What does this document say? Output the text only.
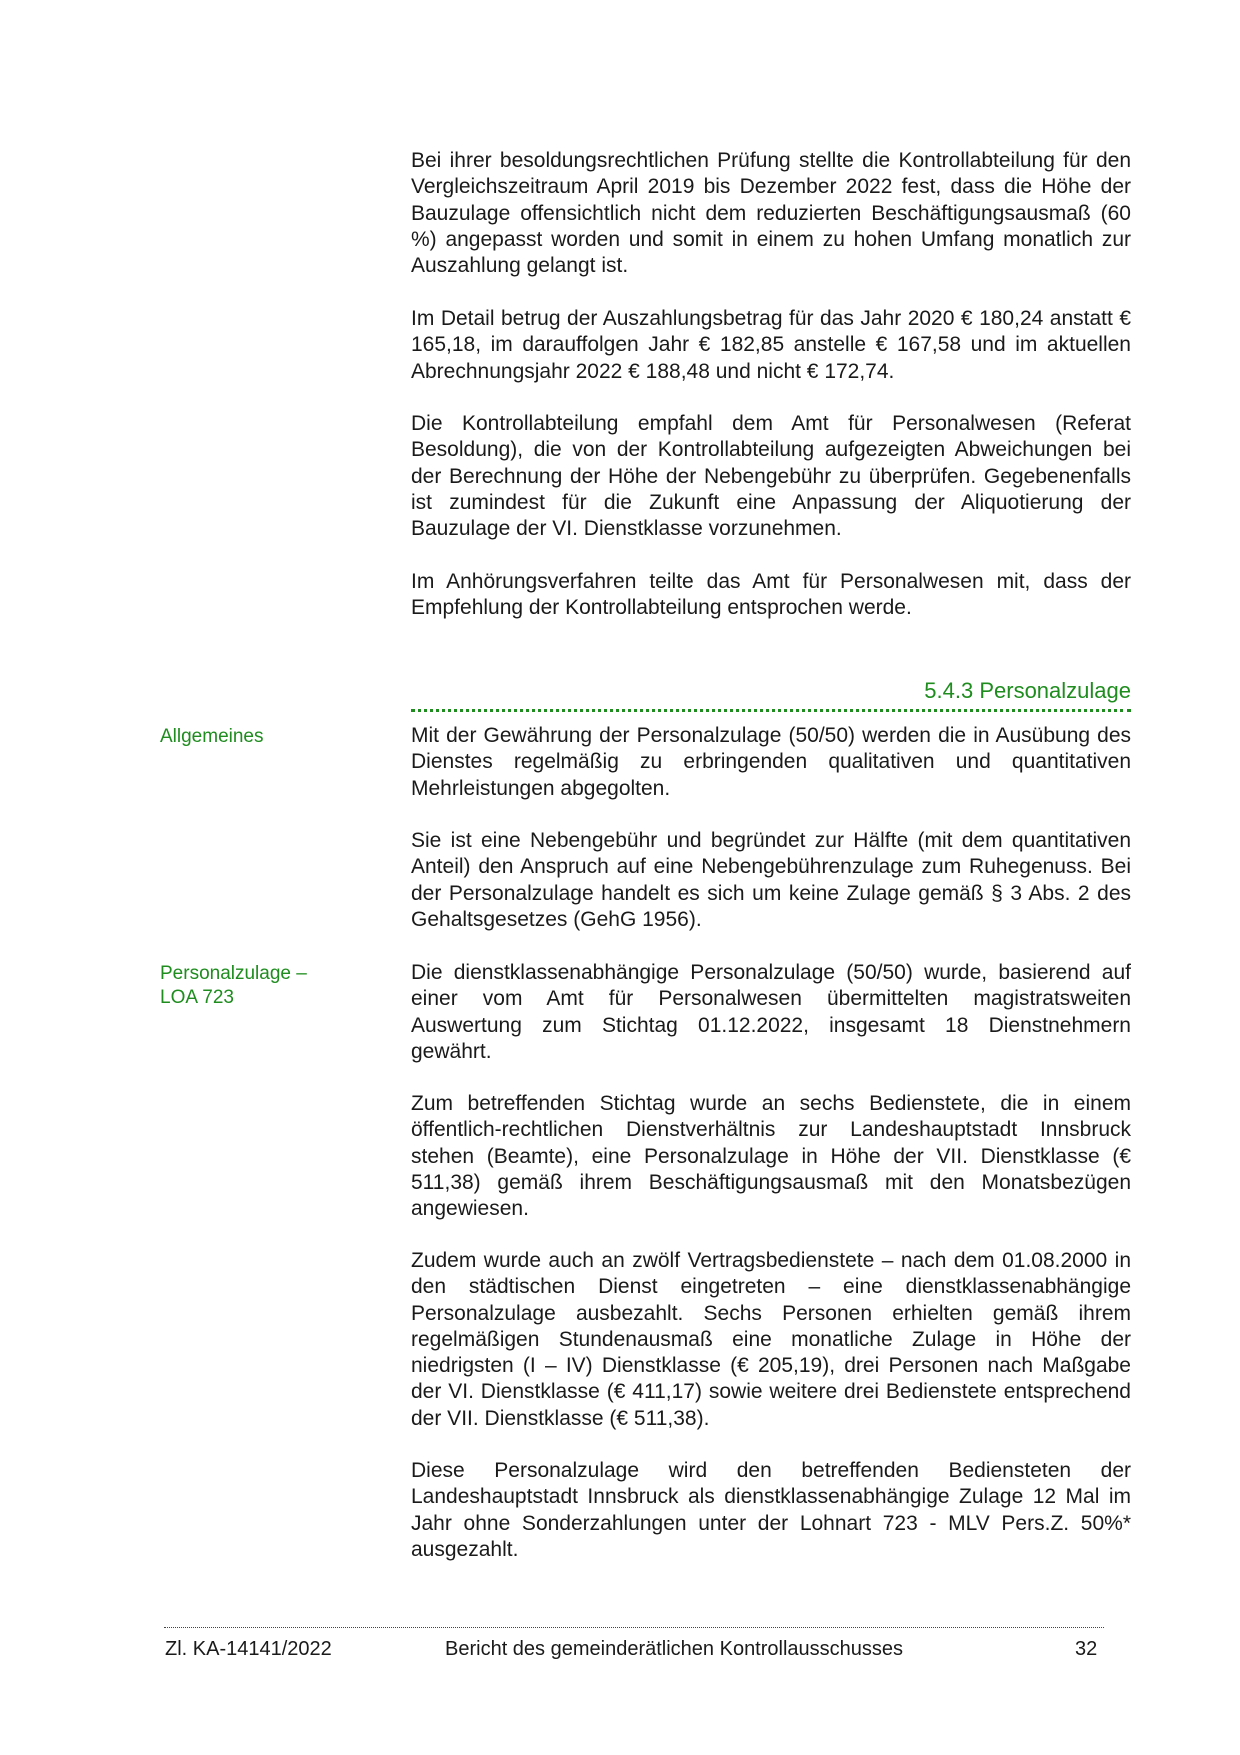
Bei ihrer besoldungsrechtlichen Prüfung stellte die Kontrollabteilung für den Vergleichszeitraum April 2019 bis Dezember 2022 fest, dass die Höhe der Bauzulage offensichtlich nicht dem reduzierten Beschäftigungsausmaß (60 %) angepasst worden und somit in einem zu hohen Umfang monatlich zur Auszahlung gelangt ist.

Im Detail betrug der Auszahlungsbetrag für das Jahr 2020 € 180,24 anstatt € 165,18, im darauffolgen Jahr € 182,85 anstelle € 167,58 und im aktuellen Abrechnungsjahr 2022 € 188,48 und nicht € 172,74.

Die Kontrollabteilung empfahl dem Amt für Personalwesen (Referat Besoldung), die von der Kontrollabteilung aufgezeigten Abweichungen bei der Berechnung der Höhe der Nebengebühr zu überprüfen. Gegebenenfalls ist zumindest für die Zukunft eine Anpassung der Aliquotierung der Bauzulage der VI. Dienstklasse vorzunehmen.

Im Anhörungsverfahren teilte das Amt für Personalwesen mit, dass der Empfehlung der Kontrollabteilung entsprochen werde.

5.4.3 Personalzulage
Allgemeines	Mit der Gewährung der Personalzulage (50/50) werden die in Ausübung des Dienstes regelmäßig zu erbringenden qualitativen und quantitativen Mehrleistungen abgegolten.

Sie ist eine Nebengebühr und begründet zur Hälfte (mit dem quantitativen Anteil) den Anspruch auf eine Nebengebührenzulage zum Ruhegenuss. Bei der Personalzulage handelt es sich um keine Zulage gemäß § 3 Abs. 2 des Gehaltsgesetzes (GehG 1956).

Personalzulage –
LOA 723

Die dienstklassenabhängige Personalzulage (50/50) wurde, basierend auf einer vom Amt für Personalwesen übermittelten magistratsweiten Auswertung zum Stichtag 01.12.2022, insgesamt 18 Dienstnehmern gewährt.

Zum betreffenden Stichtag wurde an sechs Bedienstete, die in einem öffentlich-rechtlichen Dienstverhältnis zur Landeshauptstadt Innsbruck stehen (Beamte), eine Personalzulage in Höhe der VII. Dienstklasse (€ 511,38) gemäß ihrem Beschäftigungsausmaß mit den Monatsbezügen angewiesen.

Zudem wurde auch an zwölf Vertragsbedienstete – nach dem 01.08.2000 in den städtischen Dienst eingetreten – eine dienstklassenabhängige Personalzulage ausbezahlt. Sechs Personen erhielten gemäß ihrem regelmäßigen Stundenausmaß eine monatliche Zulage in Höhe der niedrigsten (I – IV) Dienstklasse (€ 205,19), drei Personen nach Maßgabe der VI. Dienstklasse (€ 411,17) sowie weitere drei Bedienstete entsprechend der VII. Dienstklasse (€ 511,38).

Diese Personalzulage wird den betreffenden Bediensteten der Landeshauptstadt Innsbruck als dienstklassenabhängige Zulage 12 Mal im Jahr ohne Sonderzahlungen unter der Lohnart 723 - MLV Pers.Z. 50%* ausgezahlt.

Zl. KA-14141/2022	Bericht des gemeinderätlichen Kontrollausschusses	32
